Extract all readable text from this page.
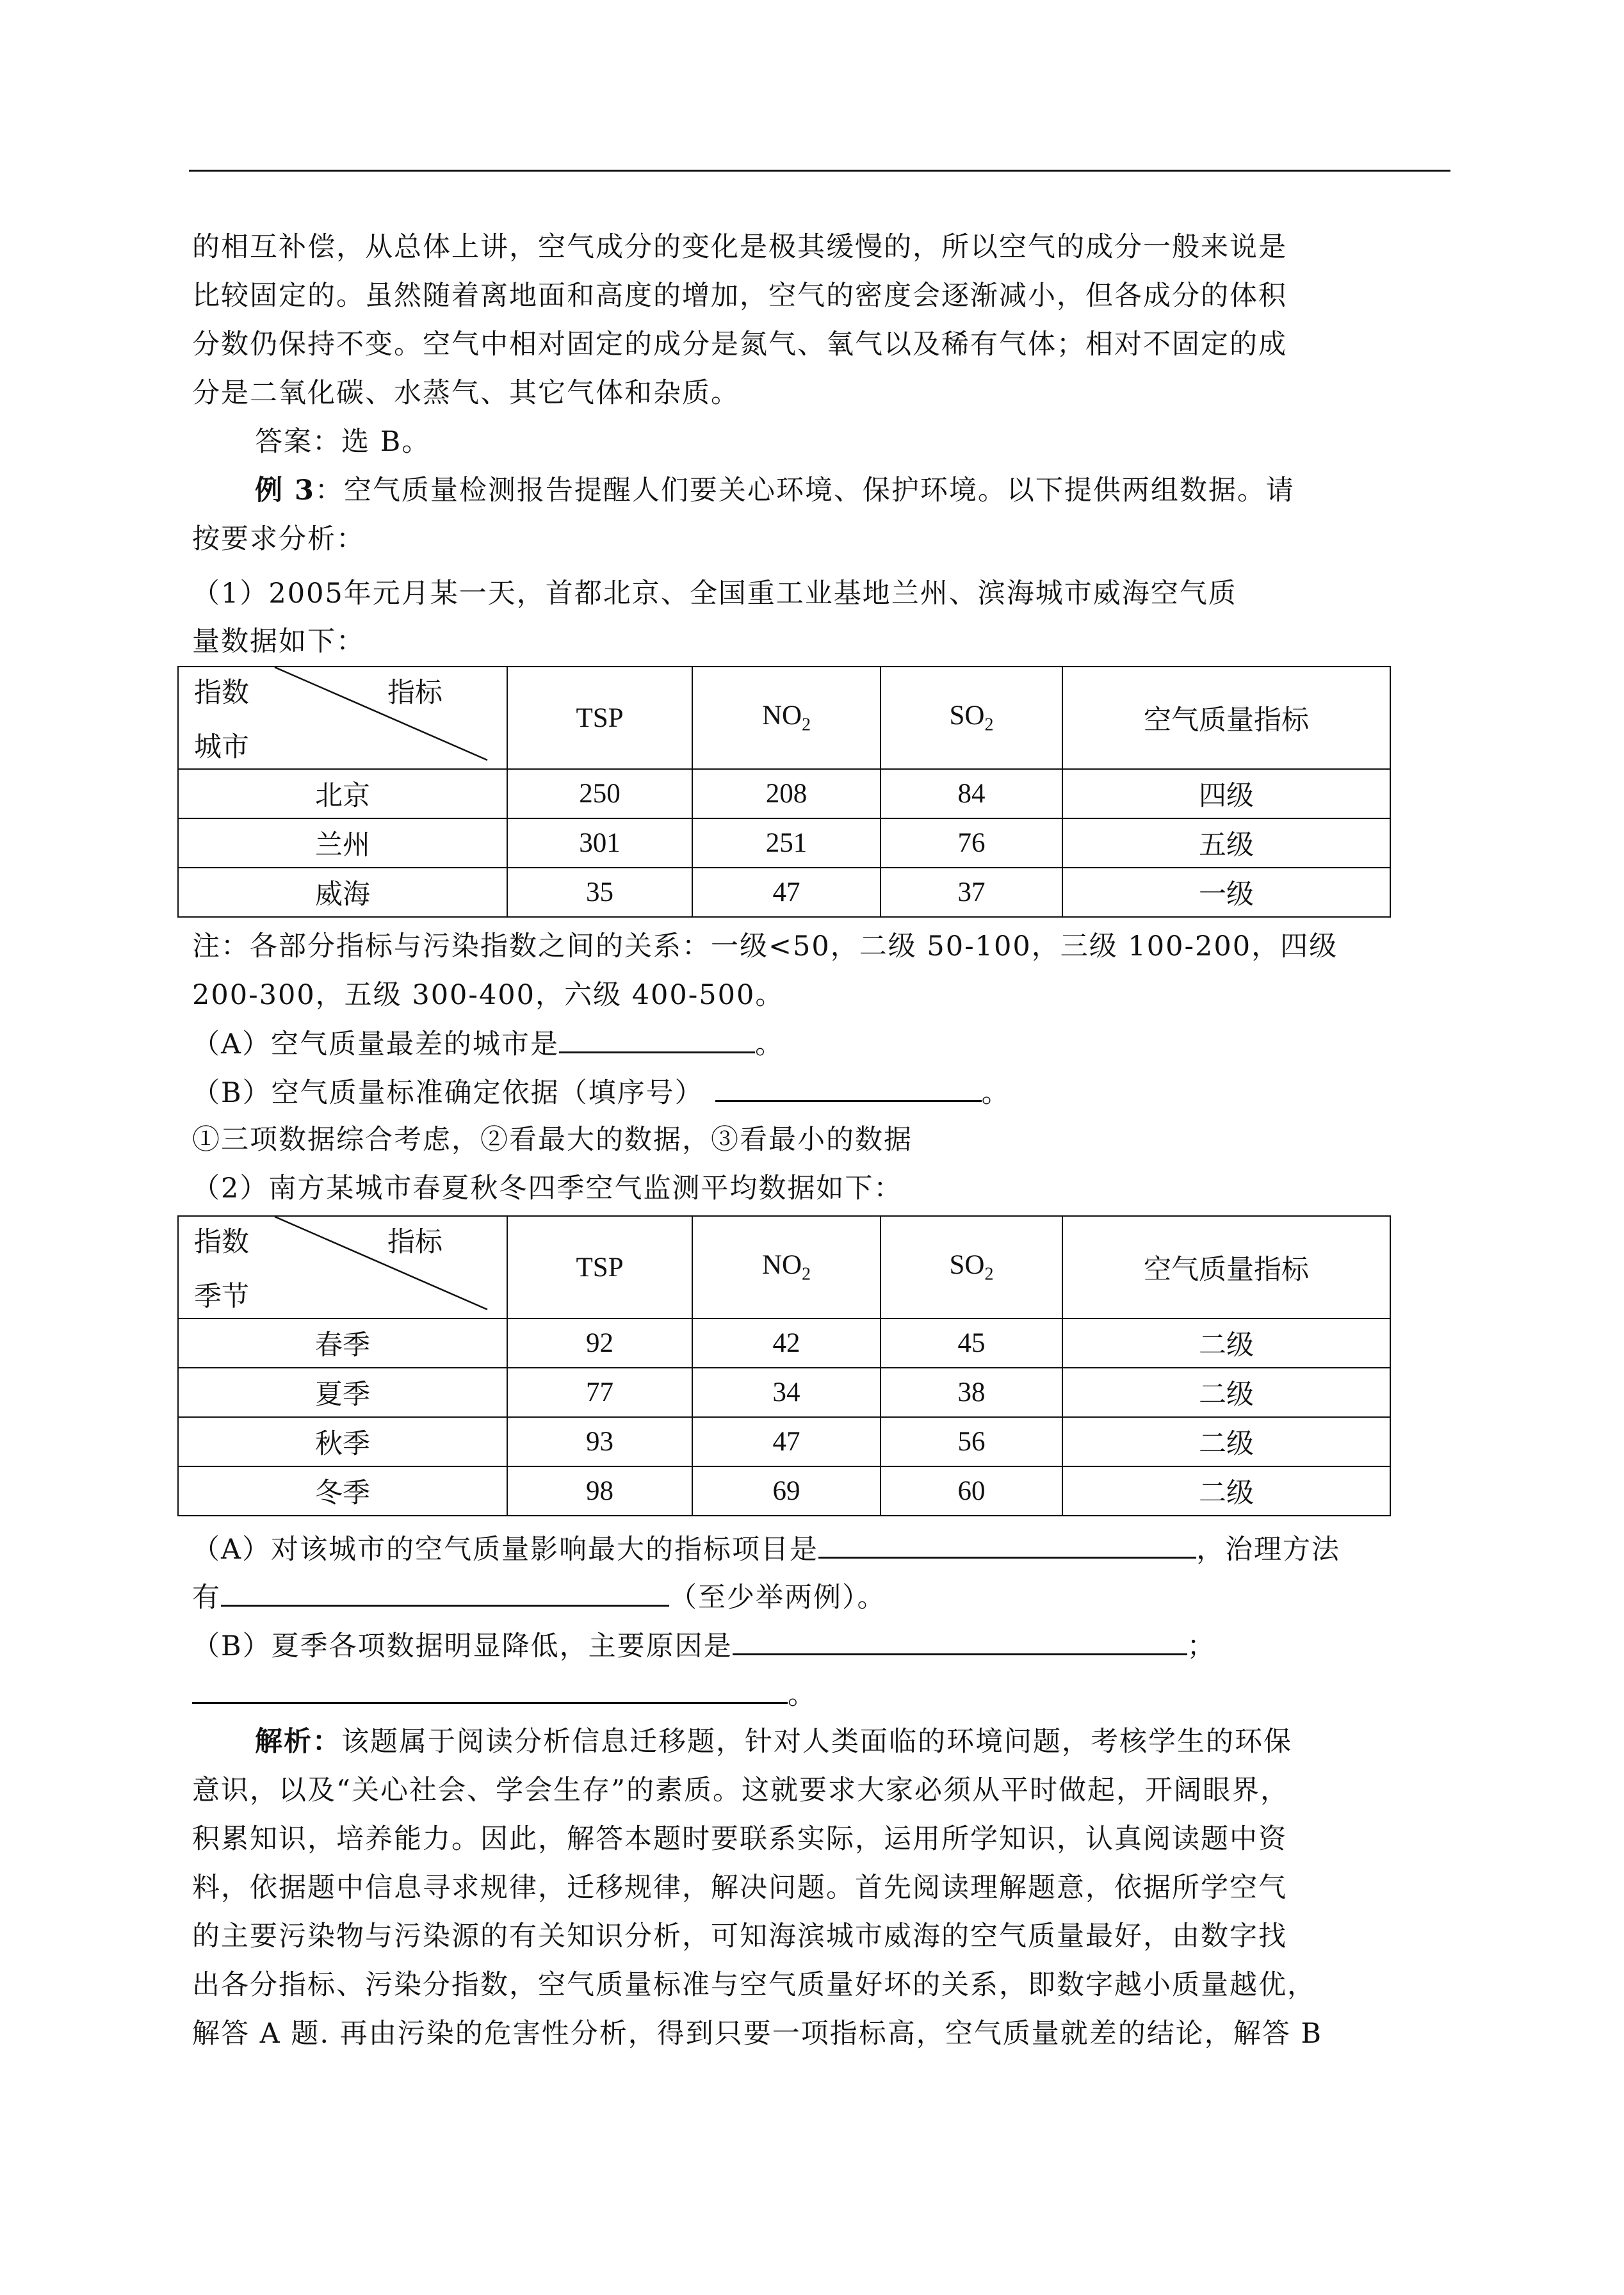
的相互补偿，从总体上讲，空气成分的变化是极其缓慢的，所以空气的成分一般来说是
比较固定的。虽然随着离地面和高度的增加，空气的密度会逐渐减小，但各成分的体积
分数仍保持不变。空气中相对固定的成分是氮气、氧气以及稀有气体；相对不固定的成
分是二氧化碳、水蒸气、其它气体和杂质。
答案：选 B。
例 3：空气质量检测报告提醒人们要关心环境、保护环境。以下提供两组数据。请
按要求分析：
（1）2005年元月某一天，首都北京、全国重工业基地兰州、滨海城市威海空气质
量数据如下：
指数 指标
城市	TSP	$NO_2$	$SO_2$	空气质量指标
北京	250	208	84	四级
兰州	301	251	76	五级
威海	35	47	37	一级
注：各部分指标与污染指数之间的关系：一级<50，二级 50-100，三级 100-200，四级
200-300，五级 300-400，六级 400-500。
（A）空气质量最差的城市是	。
（B）空气质量标准确定依据（填序号）	。
①三项数据综合考虑，②看最大的数据，③看最小的数据
（2）南方某城市春夏秋冬四季空气监测平均数据如下：
指数 指标
季节	TSP	$NO_2$	$SO_2$	空气质量指标
春季	92	42	45	二级
夏季	77	34	38	二级
秋季	93	47	56	二级
冬季	98	69	60	二级
（A）对该城市的空气质量影响最大的指标项目是	，治理方法
有	（至少举两例）。
（B）夏季各项数据明显降低，主要原因是	；
。
解析：该题属于阅读分析信息迁移题，针对人类面临的环境问题，考核学生的环保
意识，以及“关心社会、学会生存”的素质。这就要求大家必须从平时做起，开阔眼界，
积累知识，培养能力。因此，解答本题时要联系实际，运用所学知识，认真阅读题中资
料，依据题中信息寻求规律，迁移规律，解决问题。首先阅读理解题意，依据所学空气
的主要污染物与污染源的有关知识分析，可知海滨城市威海的空气质量最好，由数字找
出各分指标、污染分指数，空气质量标准与空气质量好坏的关系，即数字越小质量越优，
解答 A 题. 再由污染的危害性分析，得到只要一项指标高，空气质量就差的结论，解答 B
